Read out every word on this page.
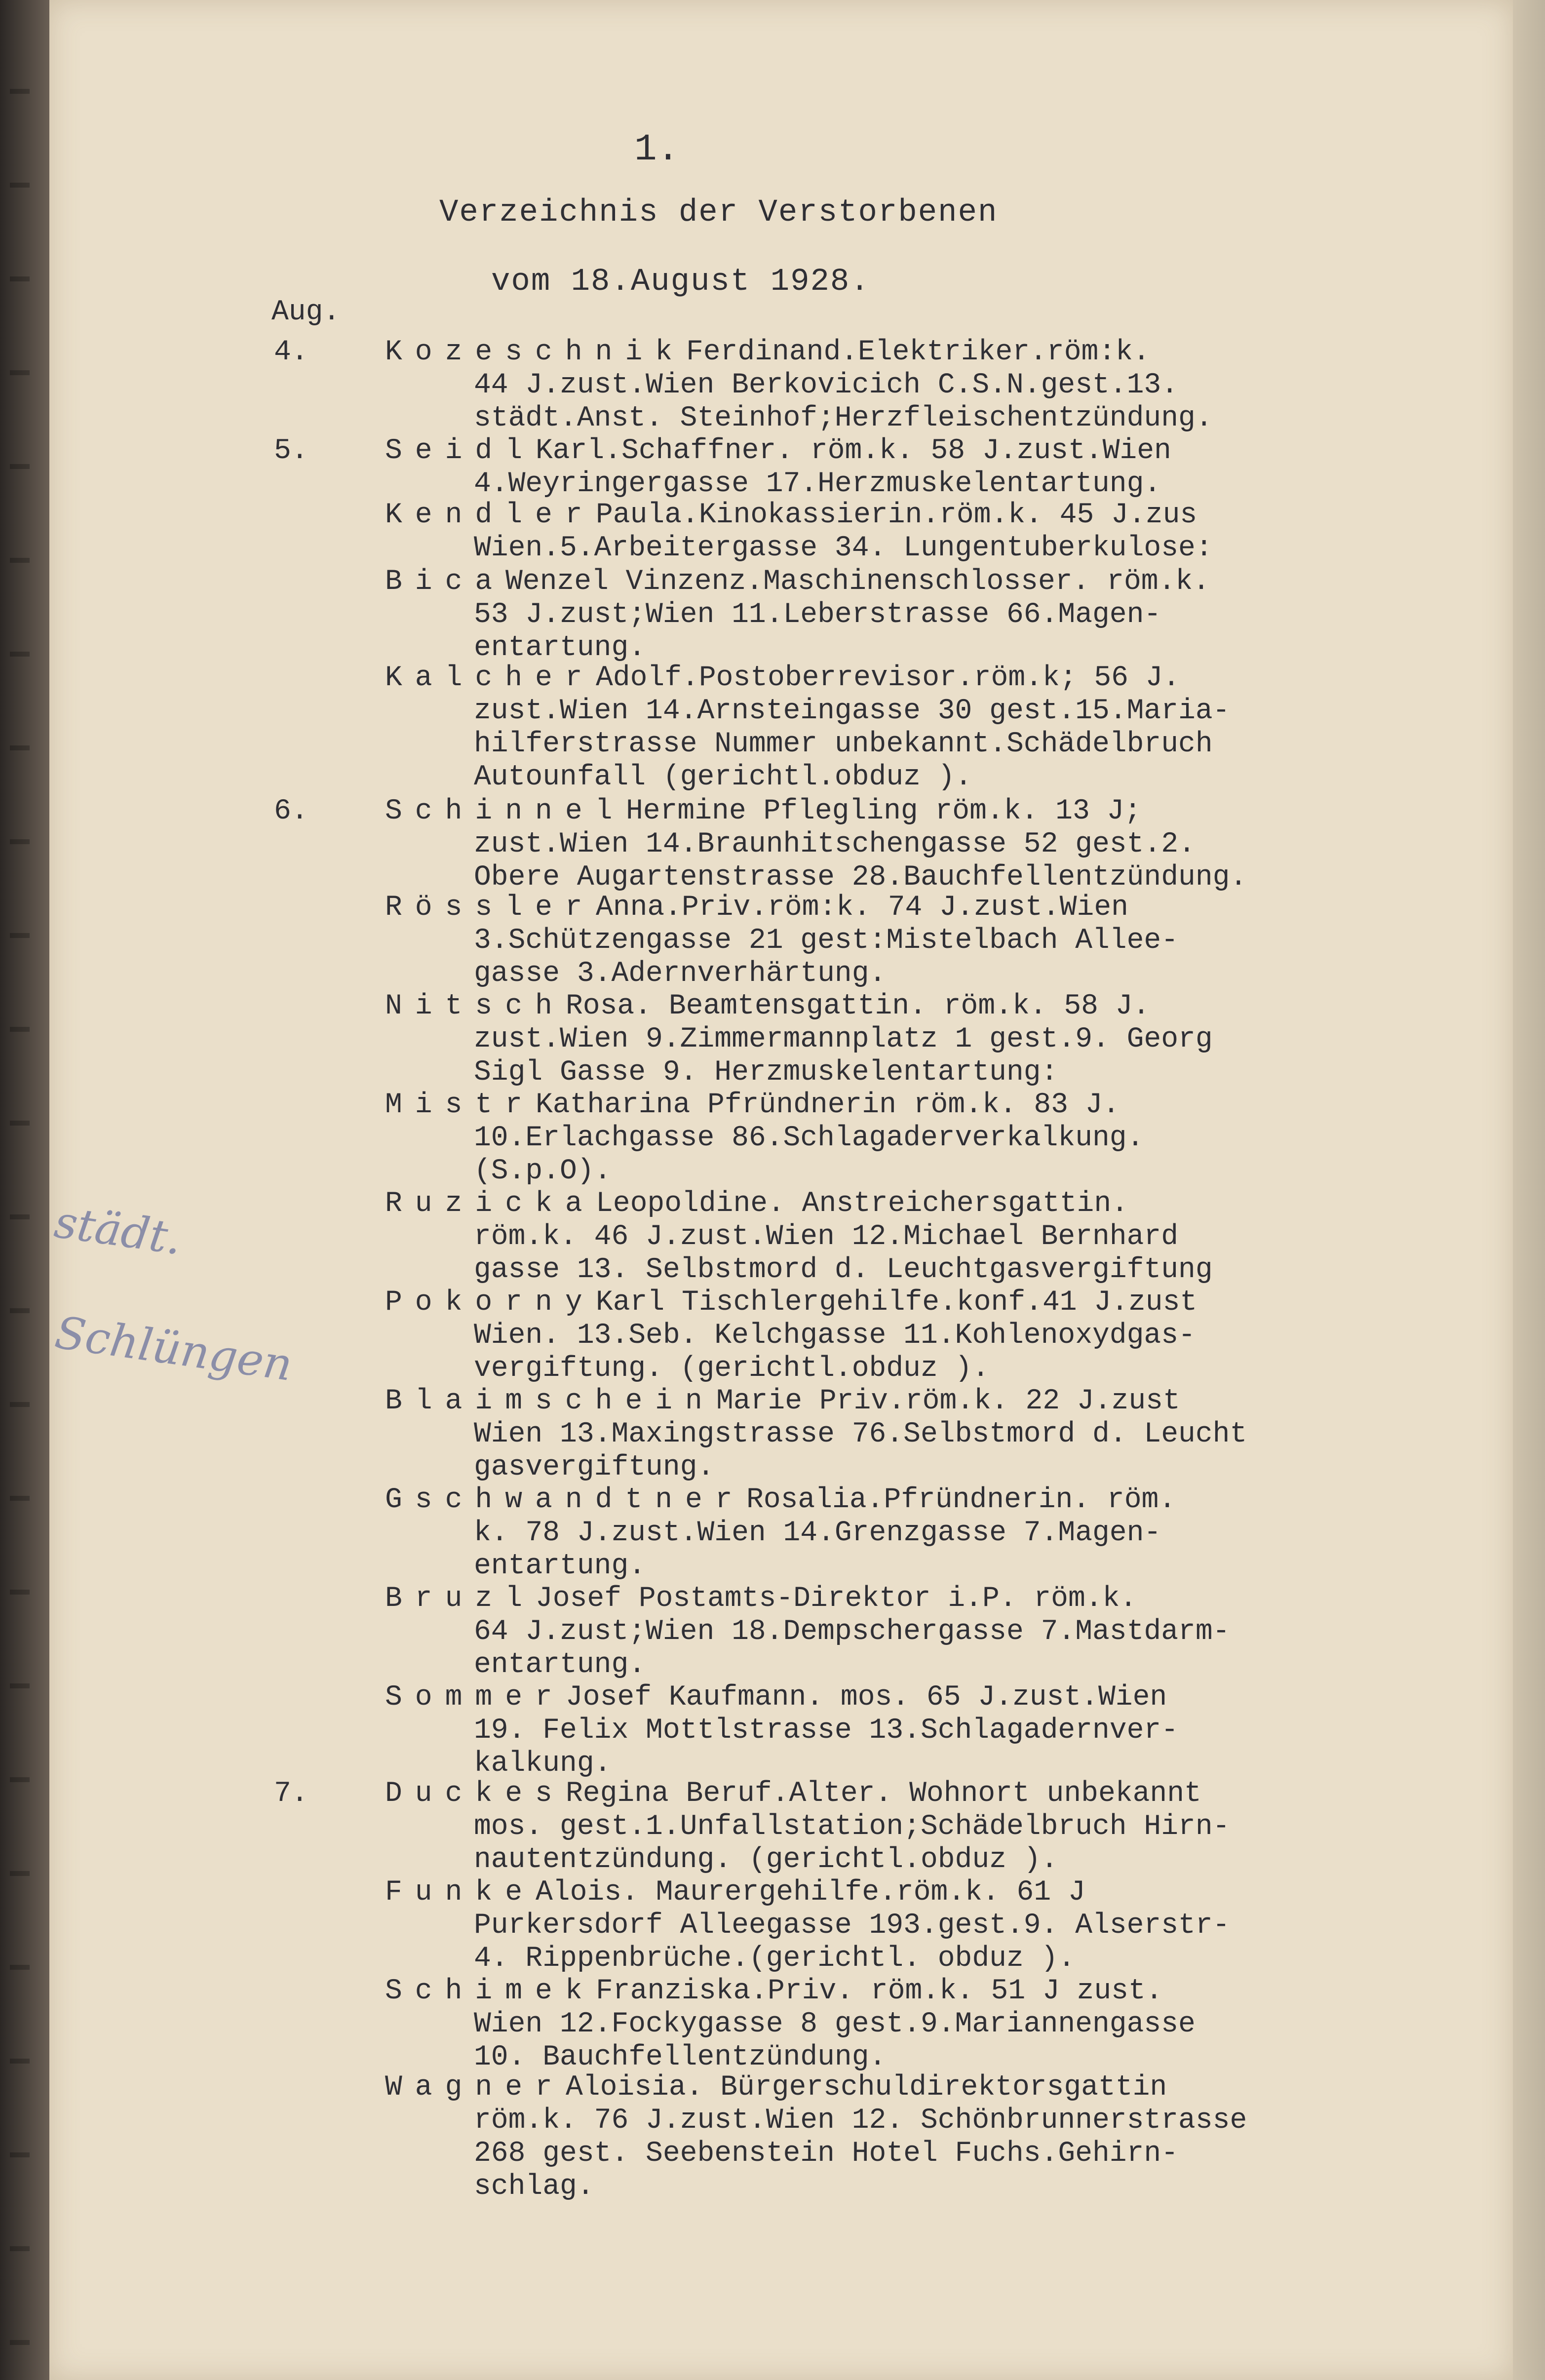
1.
Verzeichnis der Verstorbenen
vom 18.August 1928.
Aug.
städt.
Schlüngen
4.	Kozeschnik Ferdinand.Elektriker.röm:k.
44 J.zust.Wien Berkovicich C.S.N.gest.13.
städt.Anst. Steinhof;Herzfleischentzündung.
5.	Seidl Karl.Schaffner. röm.k. 58 J.zust.Wien
4.Weyringergasse 17.Herzmuskelentartung.
Kendler Paula.Kinokassierin.röm.k. 45 J.zus
Wien.5.Arbeitergasse 34. Lungentuberkulose:
Bica Wenzel Vinzenz.Maschinenschlosser. röm.k.
53 J.zust;Wien 11.Leberstrasse 66.Magen-
entartung.
Kalcher Adolf.Postoberrevisor.röm.k; 56 J.
zust.Wien 14.Arnsteingasse 30 gest.15.Maria-
hilferstrasse Nummer unbekannt.Schädelbruch
Autounfall (gerichtl.obduz ).
6.	Schinnel Hermine Pflegling röm.k. 13 J;
zust.Wien 14.Braunhitschengasse 52 gest.2.
Obere Augartenstrasse 28.Bauchfellentzündung.
Rössler Anna.Priv.röm:k. 74 J.zust.Wien
3.Schützengasse 21 gest:Mistelbach Allee-
gasse 3.Adernverhärtung.
Nitsch Rosa. Beamtensgattin. röm.k. 58 J.
zust.Wien 9.Zimmermannplatz 1 gest.9. Georg
Sigl Gasse 9. Herzmuskelentartung:
Mistr Katharina Pfründnerin röm.k. 83 J.
10.Erlachgasse 86.Schlagaderverkalkung.
(S.p.O).
Ruzicka Leopoldine. Anstreichersgattin.
röm.k. 46 J.zust.Wien 12.Michael Bernhard
gasse 13. Selbstmord d. Leuchtgasvergiftung
Pokorny Karl Tischlergehilfe.konf.41 J.zust
Wien. 13.Seb. Kelchgasse 11.Kohlenoxydgas-
vergiftung. (gerichtl.obduz ).
Blaimschein Marie Priv.röm.k. 22 J.zust
Wien 13.Maxingstrasse 76.Selbstmord d. Leucht
gasvergiftung.
Gschwandtner Rosalia.Pfründnerin. röm.
k. 78 J.zust.Wien 14.Grenzgasse 7.Magen-
entartung.
Bruzl Josef Postamts-Direktor i.P. röm.k.
64 J.zust;Wien 18.Dempschergasse 7.Mastdarm-
entartung.
Sommer Josef Kaufmann. mos. 65 J.zust.Wien
19. Felix Mottlstrasse 13.Schlagadernver-
kalkung.
7.	Duckes Regina Beruf.Alter. Wohnort unbekannt
mos. gest.1.Unfallstation;Schädelbruch Hirn-
nautentzündung. (gerichtl.obduz ).
Funke Alois. Maurergehilfe.röm.k. 61 J
Purkersdorf Alleegasse 193.gest.9. Alserstr-
4. Rippenbrüche.(gerichtl. obduz ).
Schimek Franziska.Priv. röm.k. 51 J zust.
Wien 12.Fockygasse 8 gest.9.Mariannengasse
10. Bauchfellentzündung.
Wagner Aloisia. Bürgerschuldirektorsgattin
röm.k. 76 J.zust.Wien 12. Schönbrunnerstrasse
268 gest. Seebenstein Hotel Fuchs.Gehirn-
schlag.
